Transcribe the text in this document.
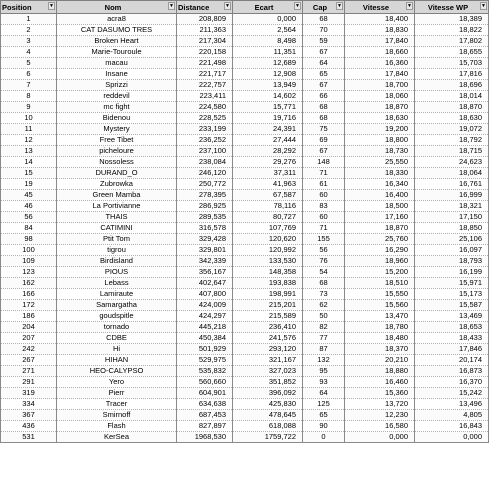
Position ▼	Nom ▼	Distance ▼	Ecart ▼	Cap ▼	Vitesse ▼	Vitesse WP ▼

1	acra8	208,809	0,000	68	18,400	18,389
2	CAT DASUMO TRES	211,363	2,564	70	18,830	18,822
3	Broken Heart	217,304	8,498	59	17,840	17,802
4	Marie-Touroule	220,158	11,351	67	18,660	18,655
5	macau	221,498	12,689	64	16,360	15,703
6	Insane	221,717	12,908	65	17,840	17,816
7	Sprizzi	222,757	13,949	67	18,700	18,696
8	reddevil	223,411	14,602	66	18,060	18,014
9	mc fight	224,580	15,771	68	18,870	18,870
10	Bidenou	228,525	19,716	68	18,630	18,630
11	Mystery	233,199	24,391	75	19,200	19,072
12	Free Tibet	236,252	27,444	69	18,800	18,792
13	picheloure	237,100	28,292	67	18,730	18,715
14	Nossoless	238,084	29,276	148	25,550	24,623
15	DURAND_O	246,120	37,311	71	18,330	18,064
19	Zubrowka	250,772	41,963	61	16,340	16,761
45	Green Mamba	278,395	67,587	60	16,400	16,999
46	La Portivianne	286,925	78,116	83	18,500	18,321
56	THAIS	289,535	80,727	60	17,160	17,150
84	CATIMINI	316,578	107,769	71	18,870	18,850
98	Ptit Tom	329,428	120,620	155	25,760	25,106
100	tigrou	329,801	120,992	56	16,290	16,097
109	Birdisland	342,339	133,530	76	18,960	18,793
123	PIOUS	356,167	148,358	54	15,200	16,199
162	Lebass	402,647	193,838	68	18,510	15,971
166	Lamiraute	407,800	198,991	73	15,550	15,173
172	Samargatha	424,009	215,201	62	15,560	15,587
186	goudspitle	424,297	215,589	50	13,470	13,469
204	tornado	445,218	236,410	82	18,780	18,653
207	CDBE	450,384	241,576	77	18,480	18,433
242	Hi	501,929	293,120	87	18,370	17,846
267	HIHAN	529,975	321,167	132	20,210	20,174
271	HEO-CALYPSO	535,832	327,023	95	18,880	16,873
291	Yero	560,660	351,852	93	16,460	16,370
319	Pierr	604,901	396,092	64	15,360	15,242
334	Tracer	634,638	425,830	125	13,720	13,496
367	Smirnoff	687,453	478,645	65	12,230	4,805
436	Flash	827,897	618,088	90	16,580	16,843
531	KerSea	1968,530	1759,722	0	0,000	0,000
